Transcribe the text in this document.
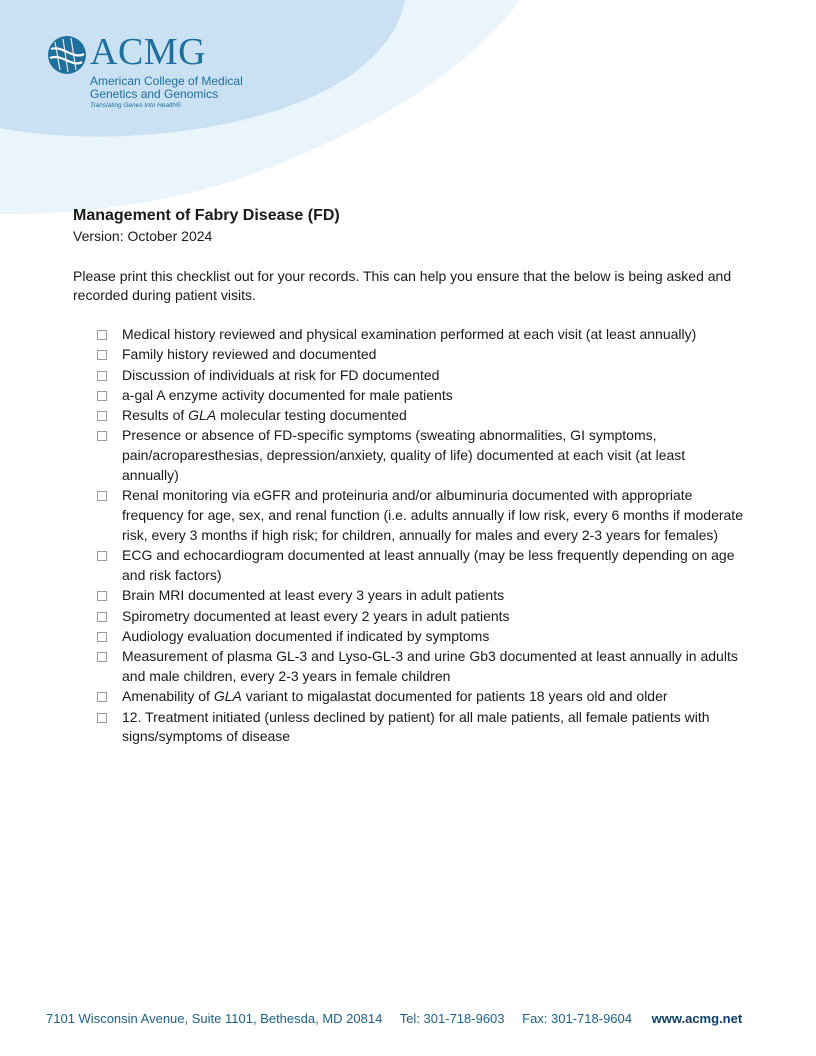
ACMG
American College of Medical
Genetics and Genomics
Translating Genes Into Health®
Management of Fabry Disease (FD)

Version: October 2024

Please print this checklist out for your records. This can help you ensure that the below is being asked and recorded during patient visits.

Medical history reviewed and physical examination performed at each visit (at least annually)
Family history reviewed and documented
Discussion of individuals at risk for FD documented
a-gal A enzyme activity documented for male patients
Results of GLA molecular testing documented
Presence or absence of FD-specific symptoms (sweating abnormalities, GI symptoms, pain/acroparesthesias, depression/anxiety, quality of life) documented at each visit (at least annually)
Renal monitoring via eGFR and proteinuria and/or albuminuria documented with appropriate frequency for age, sex, and renal function (i.e. adults annually if low risk, every 6 months if moderate risk, every 3 months if high risk; for children, annually for males and every 2-3 years for females)
ECG and echocardiogram documented at least annually (may be less frequently depending on age and risk factors)
Brain MRI documented at least every 3 years in adult patients
Spirometry documented at least every 2 years in adult patients
Audiology evaluation documented if indicated by symptoms
Measurement of plasma GL-3 and Lyso-GL-3 and urine Gb3 documented at least annually in adults and male children, every 2-3 years in female children
Amenability of GLA variant to migalastat documented for patients 18 years old and older
12. Treatment initiated (unless declined by patient) for all male patients, all female patients with signs/symptoms of disease
7101 Wisconsin Avenue, Suite 1101, Bethesda, MD 20814 Tel: 301-718-9603 Fax: 301-718-9604 www.acmg.net
